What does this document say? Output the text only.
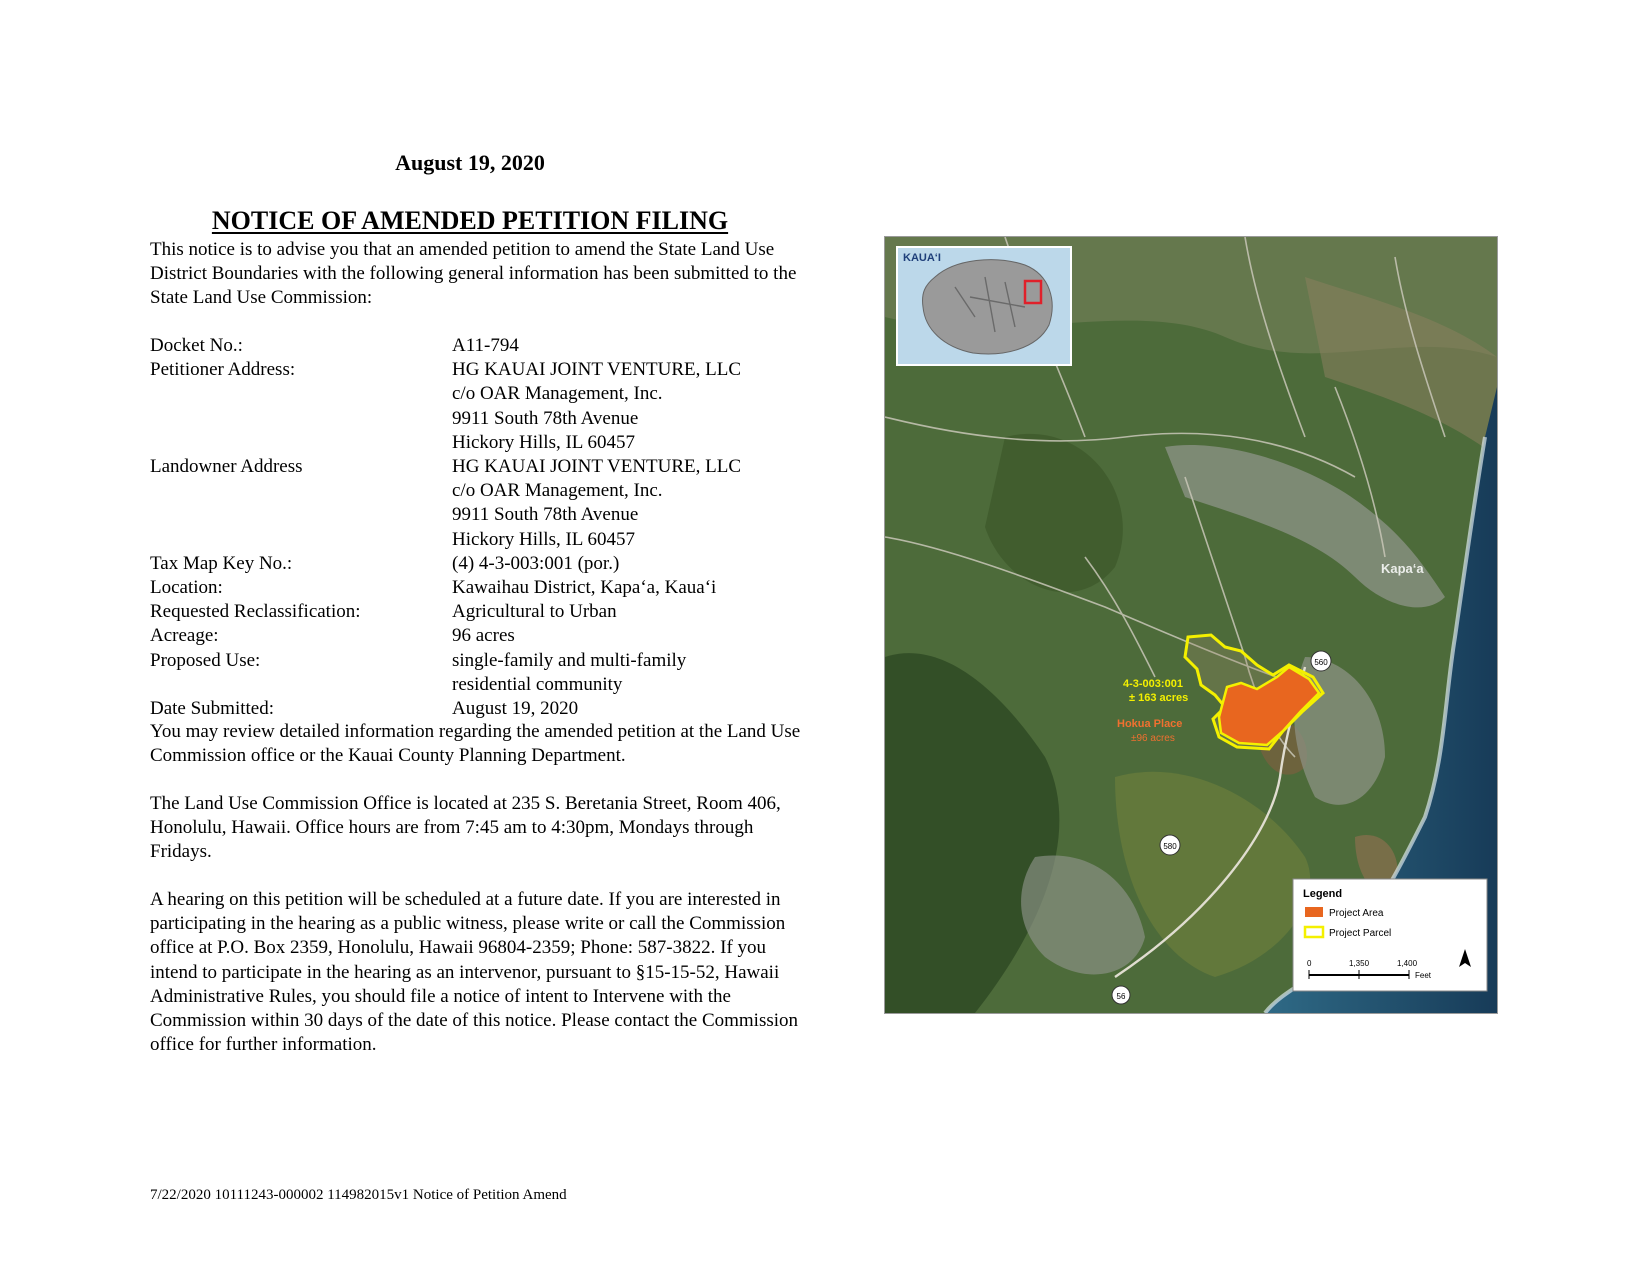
August 19, 2020
NOTICE OF AMENDED PETITION FILING
This notice is to advise you that an amended petition to amend the State Land Use District Boundaries with the following general information has been submitted to the State Land Use Commission:
Docket No.:	A11-794
Petitioner Address:	HG KAUAI JOINT VENTURE, LLC
c/o OAR Management, Inc.
9911 South 78th Avenue
Hickory Hills, IL 60457
Landowner Address	HG KAUAI JOINT VENTURE, LLC
c/o OAR Management, Inc.
9911 South 78th Avenue
Hickory Hills, IL 60457
Tax Map Key No.:	(4) 4-3-003:001 (por.)
Location:	Kawaihau District, Kapa‘a, Kaua‘i
Requested Reclassification:	Agricultural to Urban
Acreage:	96 acres
Proposed Use:	single-family and multi-family
residential community
Date Submitted:	August 19, 2020
You may review detailed information regarding the amended petition at the Land Use Commission office or the Kauai County Planning Department.
The Land Use Commission Office is located at 235 S. Beretania Street, Room 406, Honolulu, Hawaii. Office hours are from 7:45 am to 4:30pm, Mondays through Fridays.
A hearing on this petition will be scheduled at a future date. If you are interested in participating in the hearing as a public witness, please write or call the Commission office at P.O. Box 2359, Honolulu, Hawaii 96804-2359; Phone: 587-3822. If you intend to participate in the hearing as an intervenor, pursuant to §15-15-52, Hawaii Administrative Rules, you should file a notice of intent to Intervene with the Commission within 30 days of the date of this notice. Please contact the Commission office for further information.
7/22/2020 10111243-000002 114982015v1 Notice of Petition Amend
4-3-003:001
± 163 acres
Hokua Place
±96 acres
Kapa‘a
560
580
56
KAUA‘I
Legend
Project Area
Project Parcel
0	1,350	1,400
Feet
